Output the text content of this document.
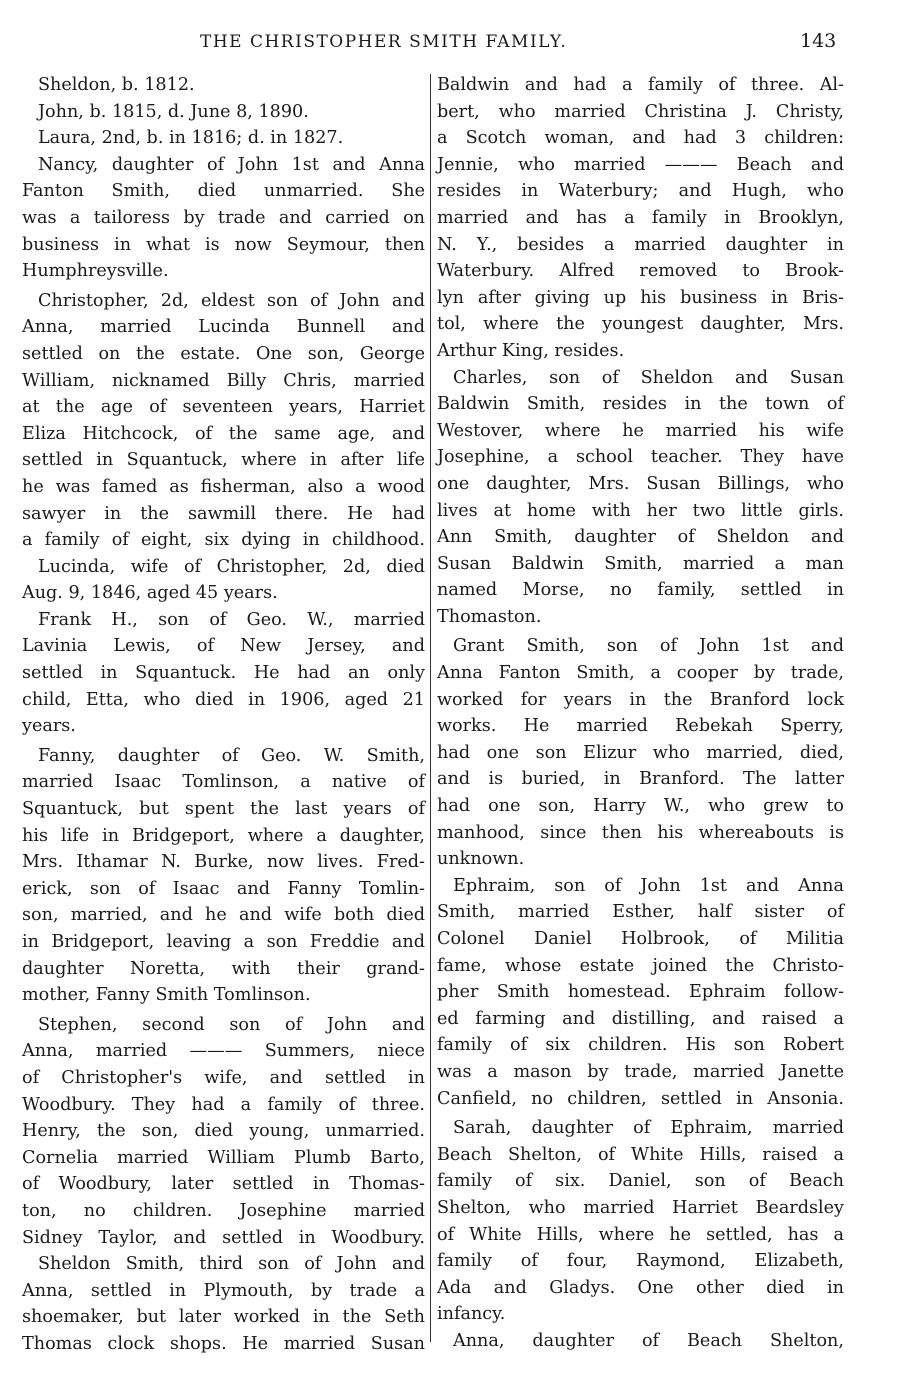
THE CHRISTOPHER SMITH FAMILY.	143
Sheldon, b. 1812.
John, b. 1815, d. June 8, 1890.
Laura, 2nd, b. in 1816; d. in 1827.
Nancy, daughter of John 1st and Anna
Fanton Smith, died unmarried. She
was a tailoress by trade and carried on
business in what is now Seymour, then
Humphreysville.
Christopher, 2d, eldest son of John and
Anna, married Lucinda Bunnell and
settled on the estate. One son, George
William, nicknamed Billy Chris, married
at the age of seventeen years, Harriet
Eliza Hitchcock, of the same age, and
settled in Squantuck, where in after life
he was famed as fisherman, also a wood
sawyer in the sawmill there. He had
a family of eight, six dying in childhood.
Lucinda, wife of Christopher, 2d, died
Aug. 9, 1846, aged 45 years.
Frank H., son of Geo. W., married
Lavinia Lewis, of New Jersey, and
settled in Squantuck. He had an only
child, Etta, who died in 1906, aged 21
years.
Fanny, daughter of Geo. W. Smith,
married Isaac Tomlinson, a native of
Squantuck, but spent the last years of
his life in Bridgeport, where a daughter,
Mrs. Ithamar N. Burke, now lives. Fred-
erick, son of Isaac and Fanny Tomlin-
son, married, and he and wife both died
in Bridgeport, leaving a son Freddie and
daughter Noretta, with their grand-
mother, Fanny Smith Tomlinson.
Stephen, second son of John and
Anna, married ——— Summers, niece
of Christopher's wife, and settled in
Woodbury. They had a family of three.
Henry, the son, died young, unmarried.
Cornelia married William Plumb Barto,
of Woodbury, later settled in Thomas-
ton, no children. Josephine married
Sidney Taylor, and settled in Woodbury.
Sheldon Smith, third son of John and
Anna, settled in Plymouth, by trade a
shoemaker, but later worked in the Seth
Thomas clock shops. He married Susan
Baldwin and had a family of three. Al-
bert, who married Christina J. Christy,
a Scotch woman, and had 3 children:
Jennie, who married ——— Beach and
resides in Waterbury; and Hugh, who
married and has a family in Brooklyn,
N. Y., besides a married daughter in
Waterbury. Alfred removed to Brook-
lyn after giving up his business in Bris-
tol, where the youngest daughter, Mrs.
Arthur King, resides.
Charles, son of Sheldon and Susan
Baldwin Smith, resides in the town of
Westover, where he married his wife
Josephine, a school teacher. They have
one daughter, Mrs. Susan Billings, who
lives at home with her two little girls.
Ann Smith, daughter of Sheldon and
Susan Baldwin Smith, married a man
named Morse, no family, settled in
Thomaston.
Grant Smith, son of John 1st and
Anna Fanton Smith, a cooper by trade,
worked for years in the Branford lock
works. He married Rebekah Sperry,
had one son Elizur who married, died,
and is buried, in Branford. The latter
had one son, Harry W., who grew to
manhood, since then his whereabouts is
unknown.
Ephraim, son of John 1st and Anna
Smith, married Esther, half sister of
Colonel Daniel Holbrook, of Militia
fame, whose estate joined the Christo-
pher Smith homestead. Ephraim follow-
ed farming and distilling, and raised a
family of six children. His son Robert
was a mason by trade, married Janette
Canfield, no children, settled in Ansonia.
Sarah, daughter of Ephraim, married
Beach Shelton, of White Hills, raised a
family of six. Daniel, son of Beach
Shelton, who married Harriet Beardsley
of White Hills, where he settled, has a
family of four, Raymond, Elizabeth,
Ada and Gladys. One other died in
infancy.
Anna, daughter of Beach Shelton,
